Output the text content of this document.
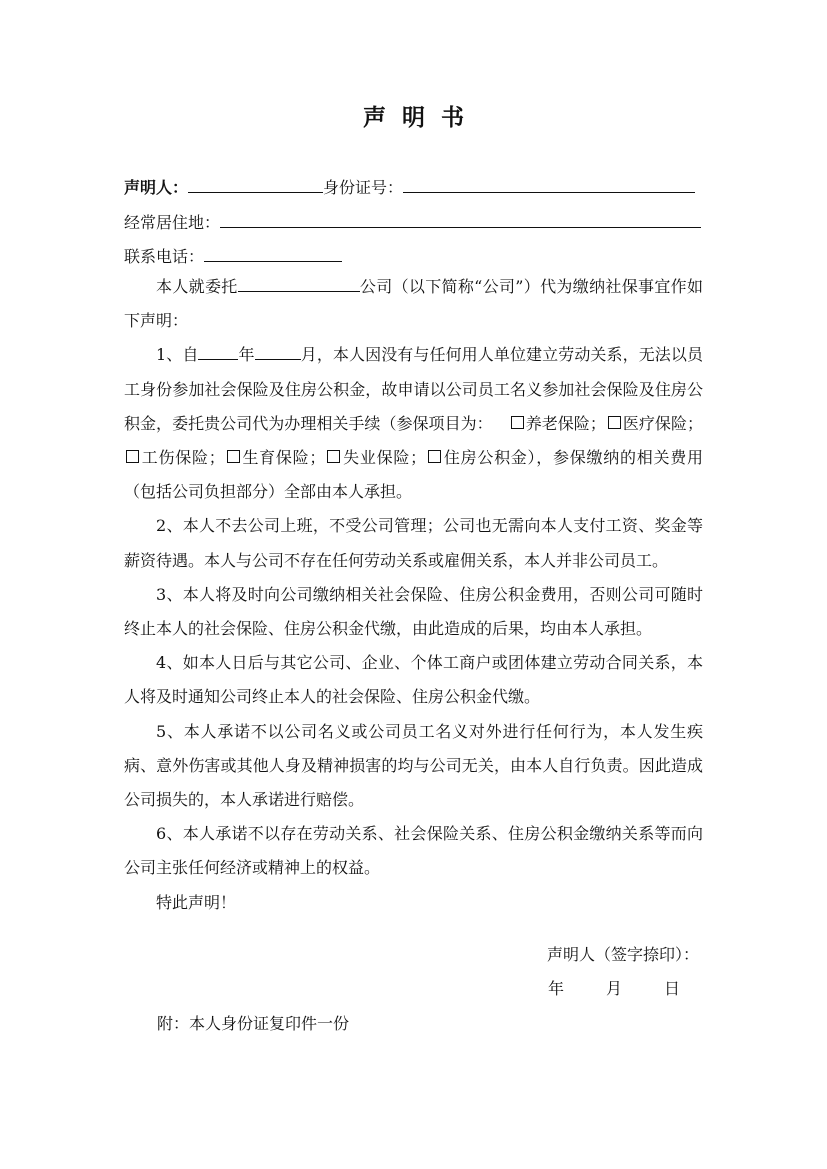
声 明 书
声明人：	身份证号：
经常居住地：
联系电话：

本人就委托	公司（以下简称“公司”）代为缴纳社保事宜作如下声明：

1、自	年	月，本人因没有与任何用人单位建立劳动关系，无法以员工身份参加社会保险及住房公积金，故申请以公司员工名义参加社会保险及住房公积金，委托贵公司代为办理相关手续（参保项目为：  养老保险； 医疗保险；工伤保险； 生育保险； 失业保险； 住房公积金），参保缴纳的相关费用（包括公司负担部分）全部由本人承担。

2、本人不去公司上班，不受公司管理；公司也无需向本人支付工资、奖金等薪资待遇。本人与公司不存在任何劳动关系或雇佣关系，本人并非公司员工。

3、本人将及时向公司缴纳相关社会保险、住房公积金费用，否则公司可随时终止本人的社会保险、住房公积金代缴，由此造成的后果，均由本人承担。

4、如本人日后与其它公司、企业、个体工商户或团体建立劳动合同关系，本人将及时通知公司终止本人的社会保险、住房公积金代缴。

5、本人承诺不以公司名义或公司员工名义对外进行任何行为，本人发生疾病、意外伤害或其他人身及精神损害的均与公司无关，由本人自行负责。因此造成公司损失的，本人承诺进行赔偿。

6、本人承诺不以存在劳动关系、社会保险关系、住房公积金缴纳关系等而向公司主张任何经济或精神上的权益。

特此声明！

声明人（签字捺印）：
年	月	日
附：本人身份证复印件一份
